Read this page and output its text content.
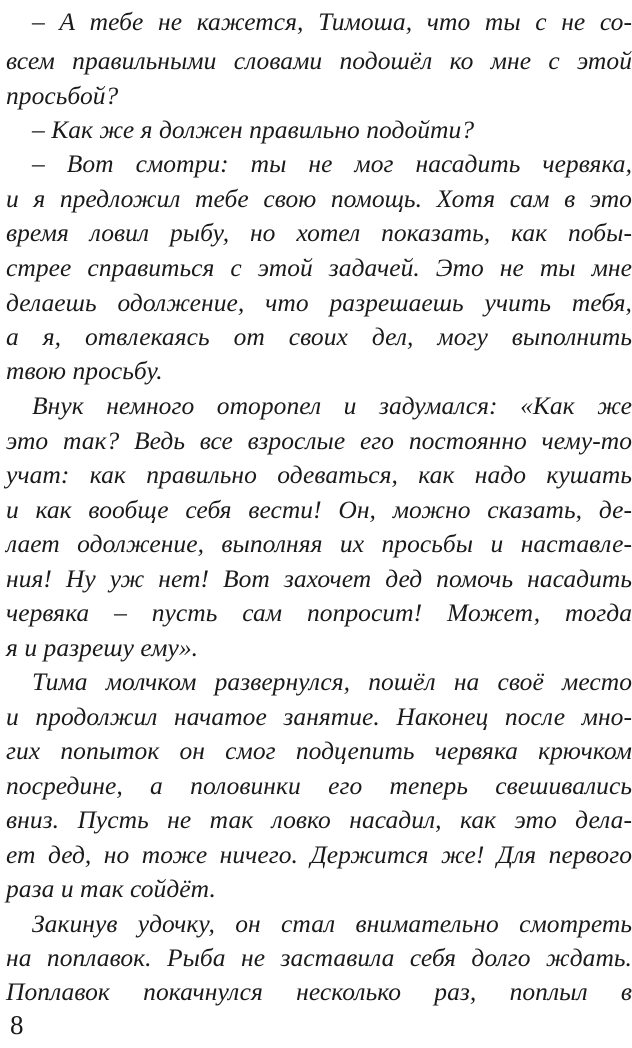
– А тебе не кажется, Тимоша, что ты с не со-
всем правильными словами подошёл ко мне с этой
просьбой?
– Как же я должен правильно подойти?
– Вот смотри: ты не мог насадить червяка,
и я предложил тебе свою помощь. Хотя сам в это
время ловил рыбу, но хотел показать, как побы-
стрее справиться с этой задачей. Это не ты мне
делаешь одолжение, что разрешаешь учить тебя,
а я, отвлекаясь от своих дел, могу выполнить
твою просьбу.
Внук немного оторопел и задумался: «Как же
это так? Ведь все взрослые его постоянно чему-то
учат: как правильно одеваться, как надо кушать
и как вообще себя вести! Он, можно сказать, де-
лает одолжение, выполняя их просьбы и наставле-
ния! Ну уж нет! Вот захочет дед помочь насадить
червяка – пусть сам попросит! Может, тогда
я и разрешу ему».
Тима молчком развернулся, пошёл на своё место
и продолжил начатое занятие. Наконец после мно-
гих попыток он смог подцепить червяка крючком
посредине, а половинки его теперь свешивались
вниз. Пусть не так ловко насадил, как это дела-
ет дед, но тоже ничего. Держится же! Для первого
раза и так сойдёт.
Закинув удочку, он стал внимательно смотреть
на поплавок. Рыба не заставила себя долго ждать.
Поплавок покачнулся несколько раз, поплыл в
8
